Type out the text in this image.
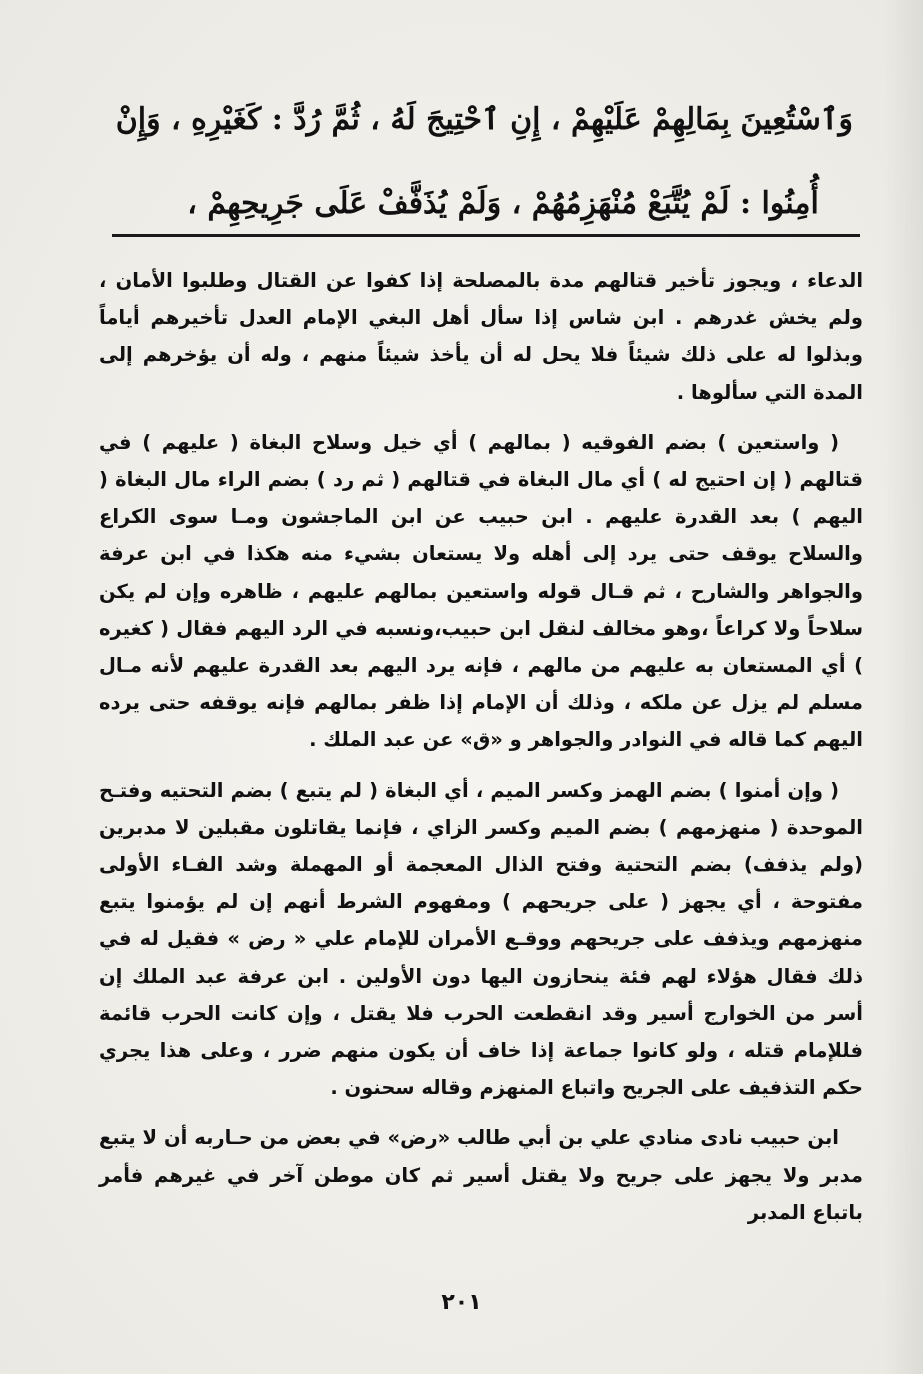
وَٱسْتُعِينَ بِمَالِهِمْ عَلَيْهِمْ ، إِنِ ٱحْتِيجَ لَهُ ، ثُمَّ رُدَّ : كَغَيْرِهِ ، وَإِنْ
أُمِنُوا : لَمْ يُتَّبَعْ مُنْهَزِمُهُمْ ، وَلَمْ يُذَفَّفْ عَلَى جَرِيحِهِمْ ،

الدعاء ، ويجوز تأخير قتالهم مدة بالمصلحة إذا كفوا عن القتال وطلبوا الأمان ، ولم يخش غدرهم . ابن شاس إذا سأل أهل البغي الإمام العدل تأخيرهم أياماً وبذلوا له على ذلك شيئاً فلا يحل له أن يأخذ شيئاً منهم ، وله أن يؤخرهم إلى المدة التي سألوها .

( واستعين ) بضم الفوقيه ( بمالهم ) أي خيل وسلاح البغاة ( عليهم ) في قتالهم ( إن احتيج له ) أي مال البغاة في قتالهم ( ثم رد ) بضم الراء مال البغاة ( اليهم ) بعد القدرة عليهم . ابن حبيب عن ابن الماجشون ومـا سوى الكراع والسلاح يوقف حتى يرد إلى أهله ولا يستعان بشيء منه هكذا في ابن عرفة والجواهر والشارح ، ثم قـال قوله واستعين بمالهم عليهم ، ظاهره وإن لم يكن سلاحاً ولا كراعاً ،وهو مخالف لنقل ابن حبيب،ونسبه في الرد اليهم فقال ( كغيره ) أي المستعان به عليهم من مالهم ، فإنه يرد اليهم بعد القدرة عليهم لأنه مـال مسلم لم يزل عن ملكه ، وذلك أن الإمام إذا ظفر بمالهم فإنه يوقفه حتى يرده اليهم كما قاله في النوادر والجواهر و «ق» عن عبد الملك .

( وإن أمنوا ) بضم الهمز وكسر الميم ، أي البغاة ( لم يتبع ) بضم التحتيه وفتـح الموحدة ( منهزمهم ) بضم الميم وكسر الزاي ، فإنما يقاتلون مقبلين لا مدبرين (ولم يذفف) بضم التحتية وفتح الذال المعجمة أو المهملة وشد الفـاء الأولى مفتوحة ، أي يجهز ( على جريحهم ) ومفهوم الشرط أنهم إن لم يؤمنوا يتبع منهزمهم ويذفف على جريحهم ووقـع الأمران للإمام علي « رض » فقيل له في ذلك فقال هؤلاء لهم فئة ينحازون اليها دون الأولين . ابن عرفة عبد الملك إن أسر من الخوارج أسير وقد انقطعت الحرب فلا يقتل ، وإن كانت الحرب قائمة فللإمام قتله ، ولو كانوا جماعة إذا خاف أن يكون منهم ضرر ، وعلى هذا يجري حكم التذفيف على الجريح واتباع المنهزم وقاله سحنون .

ابن حبيب نادى منادي علي بن أبي طالب «رض» في بعض من حـاربه أن لا يتبع مدبر ولا يجهز على جريح ولا يقتل أسير ثم كان موطن آخر في غيرهم فأمر باتباع المدبر

٢٠١
